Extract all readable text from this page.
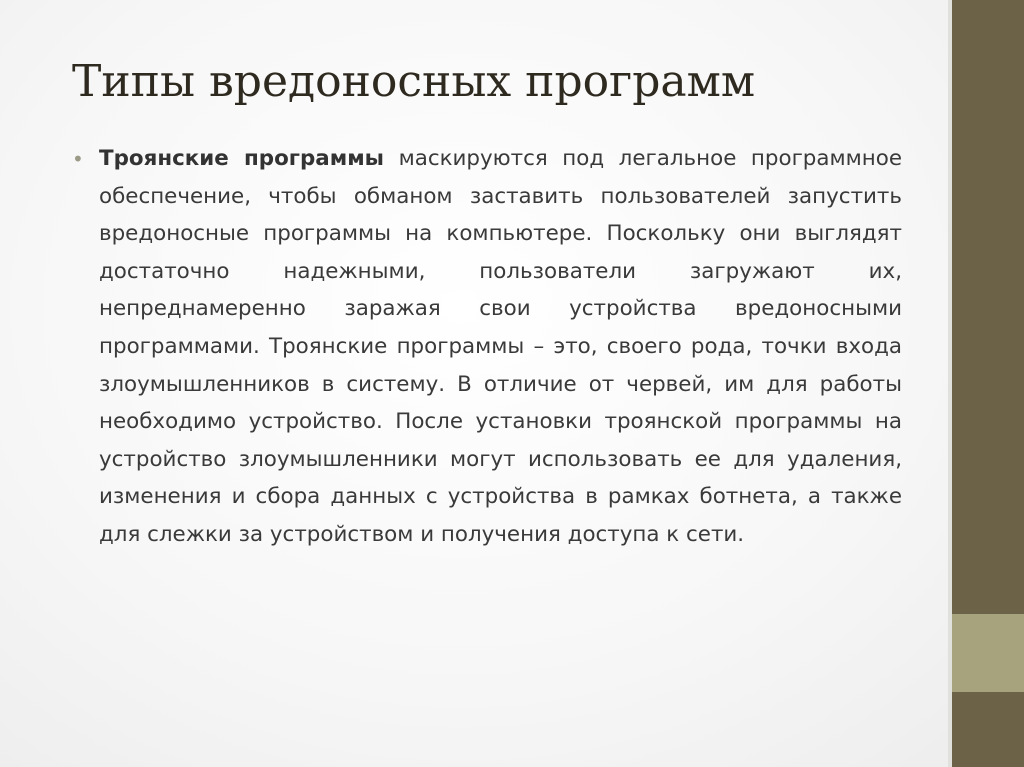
Типы вредоносных программ
• Троянские программы маскируются под легальное программное обеспечение, чтобы обманом заставить пользователей запустить вредоносные программы на компьютере. Поскольку они выглядят достаточно надежными, пользователи загружают их, непреднамеренно заражая свои устройства вредоносными программами. Троянские программы – это, своего рода, точки входа злоумышленников в систему. В отличие от червей, им для работы необходимо устройство. После установки троянской программы на устройство злоумышленники могут использовать ее для удаления, изменения и сбора данных с устройства в рамках ботнета, а также для слежки за устройством и получения доступа к сети.
